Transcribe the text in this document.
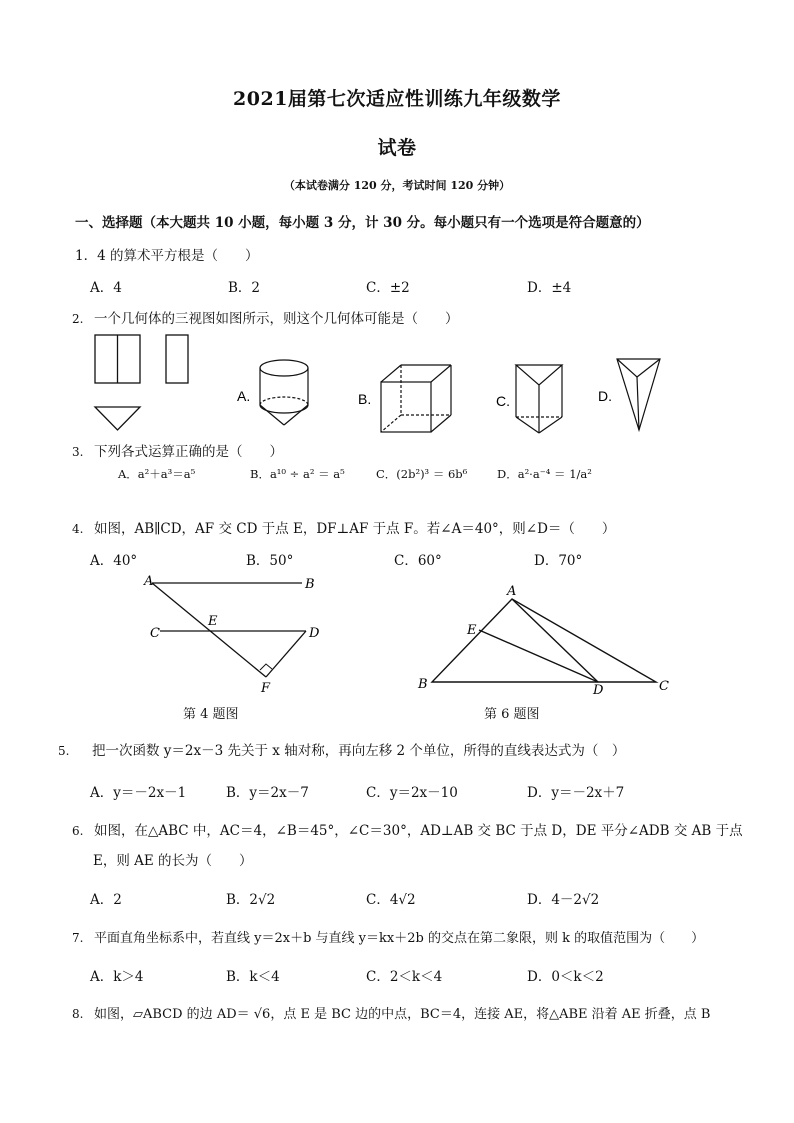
2021届第七次适应性训练九年级数学
试卷
（本试卷满分 120 分，考试时间 120 分钟）
一、选择题（本大题共 10 小题，每小题 3 分，计 30 分。每小题只有一个选项是符合题意的）
1．4 的算术平方根是（　　）
A．4	B．2	C．±2	D．±4
2. 一个几何体的三视图如图所示，则这个几何体可能是（　　）
A.	B.	C.	D.
3. 下列各式运算正确的是（　　）
A．a²＋a³＝a⁵	B．a¹⁰ ÷ a² ＝ a⁵	C．(2b²)³ ＝ 6b⁶	D．a²·a⁻⁴ ＝ 1/a²
4. 如图，AB∥CD，AF 交 CD 于点 E，DF⊥AF 于点 F。若∠A＝40°，则∠D＝（　　）
A．40°	B．50°	C．60°	D．70°
A	B
C	D
E
F
A
B	C
D
E
第 4 题图	第 6 题图
5. 把一次函数 y＝2x－3 先关于 x 轴对称，再向左移 2 个单位，所得的直线表达式为（　）
A．y＝－2x－1	B．y＝2x－7	C．y＝2x－10	D．y＝－2x＋7
6. 如图，在△ABC 中，AC＝4，∠B＝45°，∠C＝30°，AD⊥AB 交 BC 于点 D，DE 平分∠ADB 交 AB 于点
E，则 AE 的长为（　　）
A．2	B．2√2	C．4√2	D．4－2√2
7. 平面直角坐标系中，若直线 y＝2x＋b 与直线 y＝kx＋2b 的交点在第二象限，则 k 的取值范围为（　　）
A．k＞4	B．k＜4	C．2＜k＜4	D．0＜k＜2
8. 如图，▱ABCD 的边 AD＝ √6，点 E 是 BC 边的中点，BC＝4，连接 AE，将△ABE 沿着 AE 折叠，点 B
